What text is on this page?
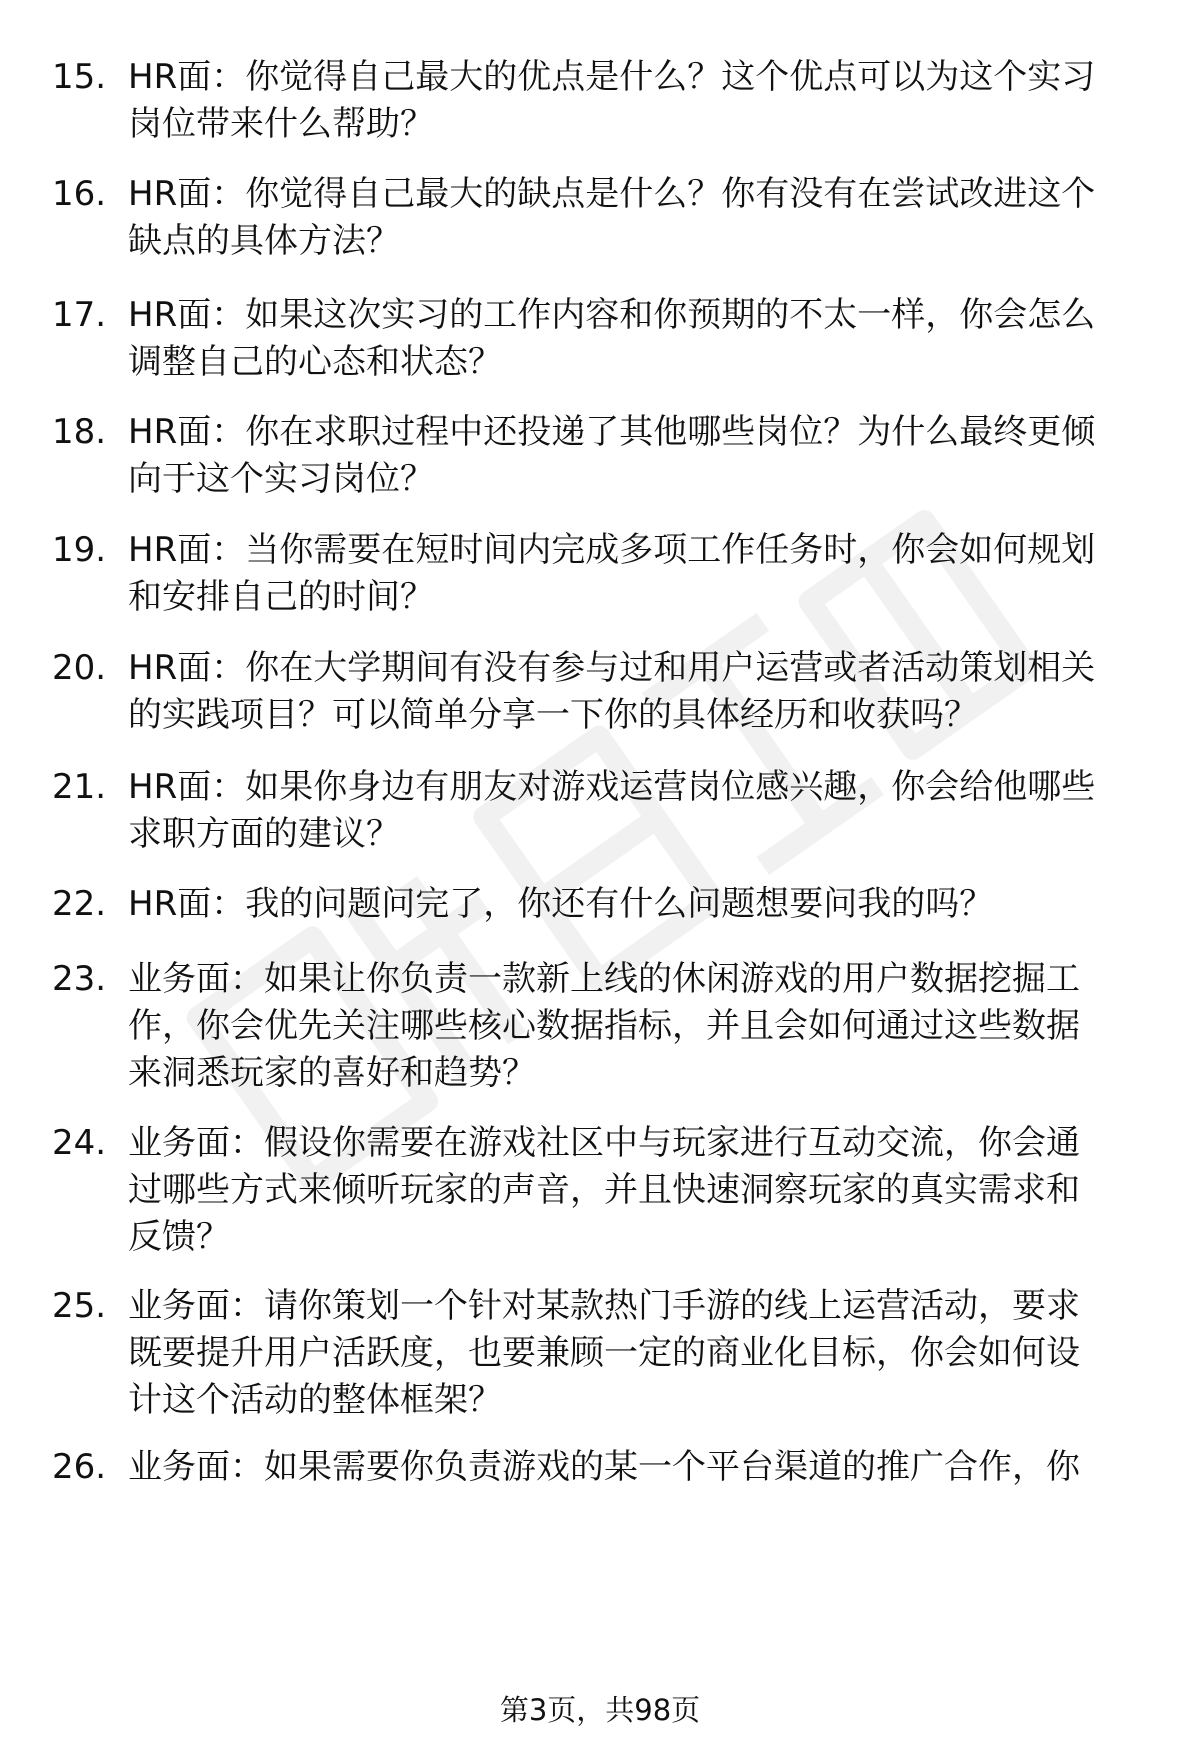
15. HR面：你觉得自己最大的优点是什么？这个优点可以为这个实习
岗位带来什么帮助？
16. HR面：你觉得自己最大的缺点是什么？你有没有在尝试改进这个
缺点的具体方法？
17. HR面：如果这次实习的工作内容和你预期的不太一样，你会怎么
调整自己的心态和状态？
18. HR面：你在求职过程中还投递了其他哪些岗位？为什么最终更倾
向于这个实习岗位？
19. HR面：当你需要在短时间内完成多项工作任务时，你会如何规划
和安排自己的时间？
20. HR面：你在大学期间有没有参与过和用户运营或者活动策划相关
的实践项目？可以简单分享一下你的具体经历和收获吗？
21. HR面：如果你身边有朋友对游戏运营岗位感兴趣，你会给他哪些
求职方面的建议？
22. HR面：我的问题问完了，你还有什么问题想要问我的吗？
23. 业务面：如果让你负责一款新上线的休闲游戏的用户数据挖掘工
作，你会优先关注哪些核心数据指标，并且会如何通过这些数据
来洞悉玩家的喜好和趋势？
24. 业务面：假设你需要在游戏社区中与玩家进行互动交流，你会通
过哪些方式来倾听玩家的声音，并且快速洞察玩家的真实需求和
反馈？
25. 业务面：请你策划一个针对某款热门手游的线上运营活动，要求
既要提升用户活跃度，也要兼顾一定的商业化目标，你会如何设
计这个活动的整体框架？
26. 业务面：如果需要你负责游戏的某一个平台渠道的推广合作，你
第3页，共98页
